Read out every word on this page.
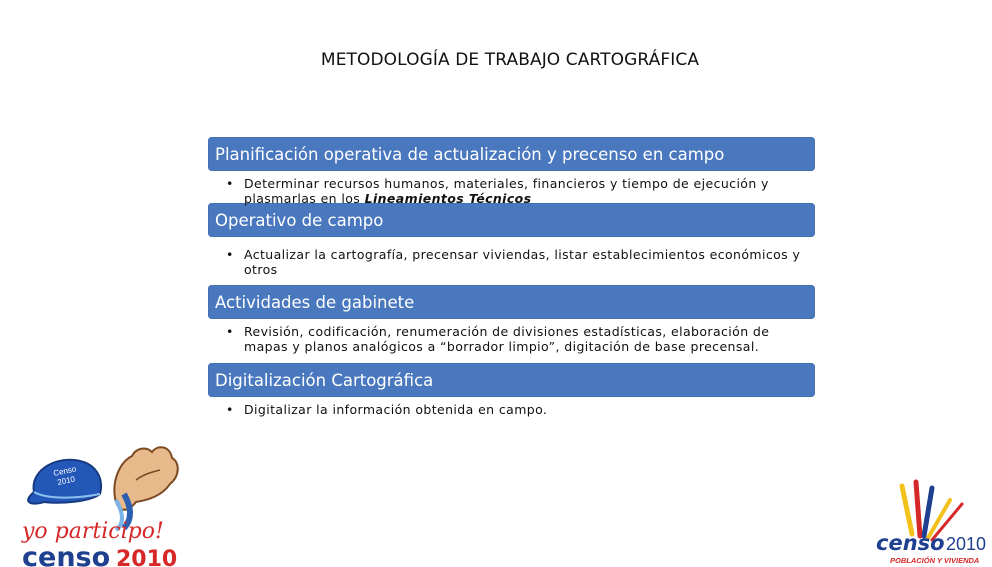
METODOLOGÍA DE TRABAJO CARTOGRÁFICA
Planificación operativa de actualización y precenso en campo
• Determinar recursos humanos, materiales, financieros y tiempo de ejecución y plasmarlas en los Lineamientos Técnicos
Operativo de campo
• Actualizar la cartografía, precensar viviendas, listar establecimientos económicos y otros
Actividades de gabinete
• Revisión, codificación, renumeración de divisiones estadísticas, elaboración de mapas y planos analógicos a “borrador limpio”, digitación de base precensal.
Digitalización Cartográfica
• Digitalizar la información obtenida en campo.
Censo
2010
yo participo!
censo 2010
censo 2010
POBLACIÓN Y VIVIENDA
